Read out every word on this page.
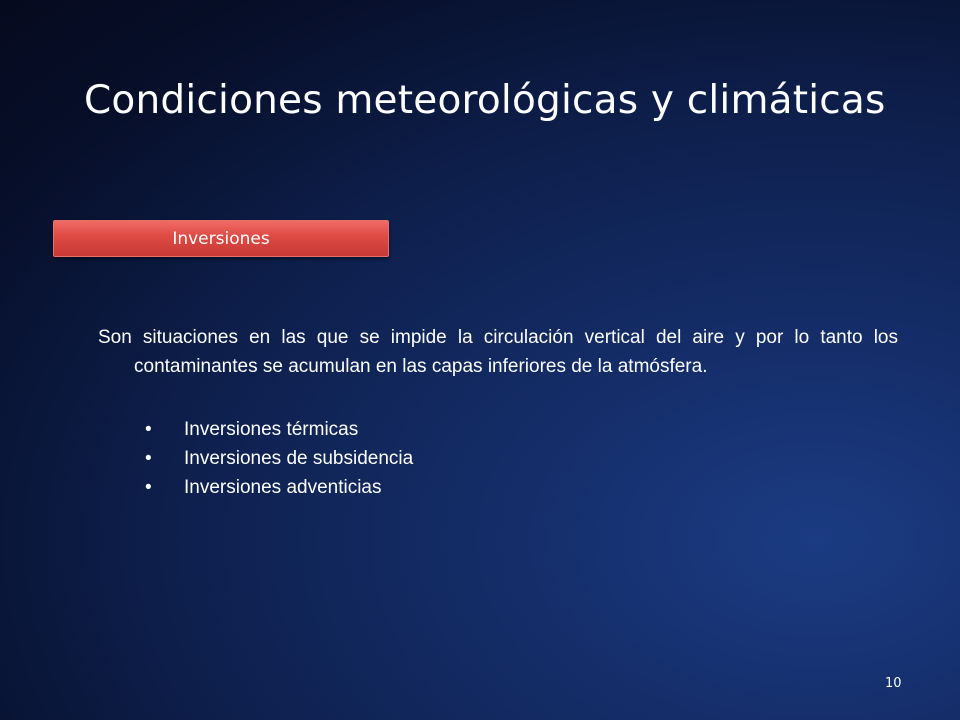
Condiciones meteorológicas y climáticas
Inversiones

Son situaciones en las que se impide la circulación vertical del aire y por lo tanto los contaminantes se acumulan en las capas inferiores de la atmósfera.

• Inversiones térmicas
• Inversiones de subsidencia
• Inversiones adventicias
10
